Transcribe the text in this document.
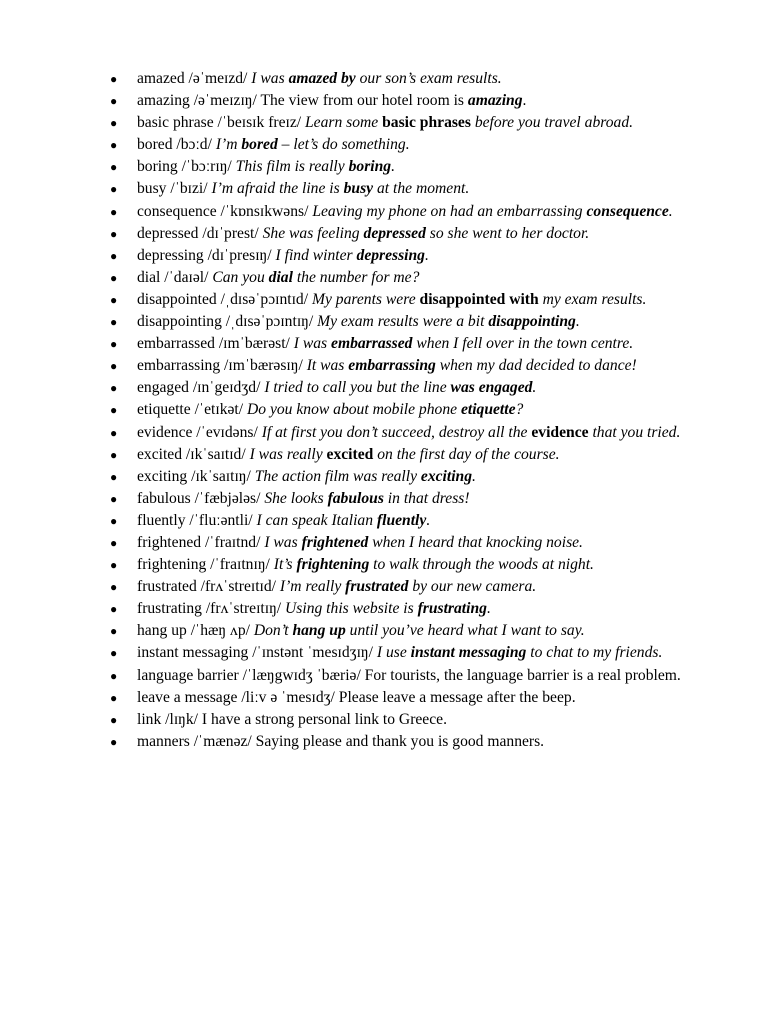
●	amazed /əˈmeɪzd/ I was amazed by our son’s exam results.
●	amazing /əˈmeɪzɪŋ/ The view from our hotel room is amazing.
●	basic phrase /ˈbeɪsɪk freɪz/ Learn some basic phrases before you travel abroad.
●	bored /bɔːd/ I’m bored – let’s do something.
●	boring /ˈbɔːrɪŋ/ This film is really boring.
●	busy /ˈbɪzi/ I’m afraid the line is busy at the moment.
●	consequence /ˈkɒnsɪkwəns/ Leaving my phone on had an embarrassing consequence.
●	depressed /dɪˈprest/ She was feeling depressed so she went to her doctor.
●	depressing /dɪˈpresɪŋ/ I find winter depressing.
●	dial /ˈdaɪəl/ Can you dial the number for me?
●	disappointed /ˌdɪsəˈpɔɪntɪd/ My parents were disappointed with my exam results.
●	disappointing /ˌdɪsəˈpɔɪntɪŋ/ My exam results were a bit disappointing.
●	embarrassed /ɪmˈbærəst/ I was embarrassed when I fell over in the town centre.
●	embarrassing /ɪmˈbærəsɪŋ/ It was embarrassing when my dad decided to dance!
●	engaged /ɪnˈgeɪdʒd/ I tried to call you but the line was engaged.
●	etiquette /ˈetɪkət/ Do you know about mobile phone etiquette?
●	evidence /ˈevɪdəns/ If at first you don’t succeed, destroy all the evidence that you tried.
●	excited /ɪkˈsaɪtɪd/ I was really excited on the first day of the course.
●	exciting /ɪkˈsaɪtɪŋ/ The action film was really exciting.
●	fabulous /ˈfæbjələs/ She looks fabulous in that dress!
●	fluently /ˈfluːəntli/ I can speak Italian fluently.
●	frightened /ˈfraɪtnd/ I was frightened when I heard that knocking noise.
●	frightening /ˈfraɪtnɪŋ/ It’s frightening to walk through the woods at night.
●	frustrated /frʌˈstreɪtɪd/ I’m really frustrated by our new camera.
●	frustrating /frʌˈstreɪtɪŋ/ Using this website is frustrating.
●	hang up /ˈhæŋ ʌp/ Don’t hang up until you’ve heard what I want to say.
●	instant messaging /ˈɪnstənt ˈmesɪdʒɪŋ/ I use instant messaging to chat to my friends.
●	language barrier /ˈlæŋgwɪdʒ ˈbæriə/ For tourists, the language barrier is a real problem.
●	leave a message /liːv ə ˈmesɪdʒ/ Please leave a message after the beep.
●	link /lɪŋk/ I have a strong personal link to Greece.
●	manners /ˈmænəz/ Saying please and thank you is good manners.
